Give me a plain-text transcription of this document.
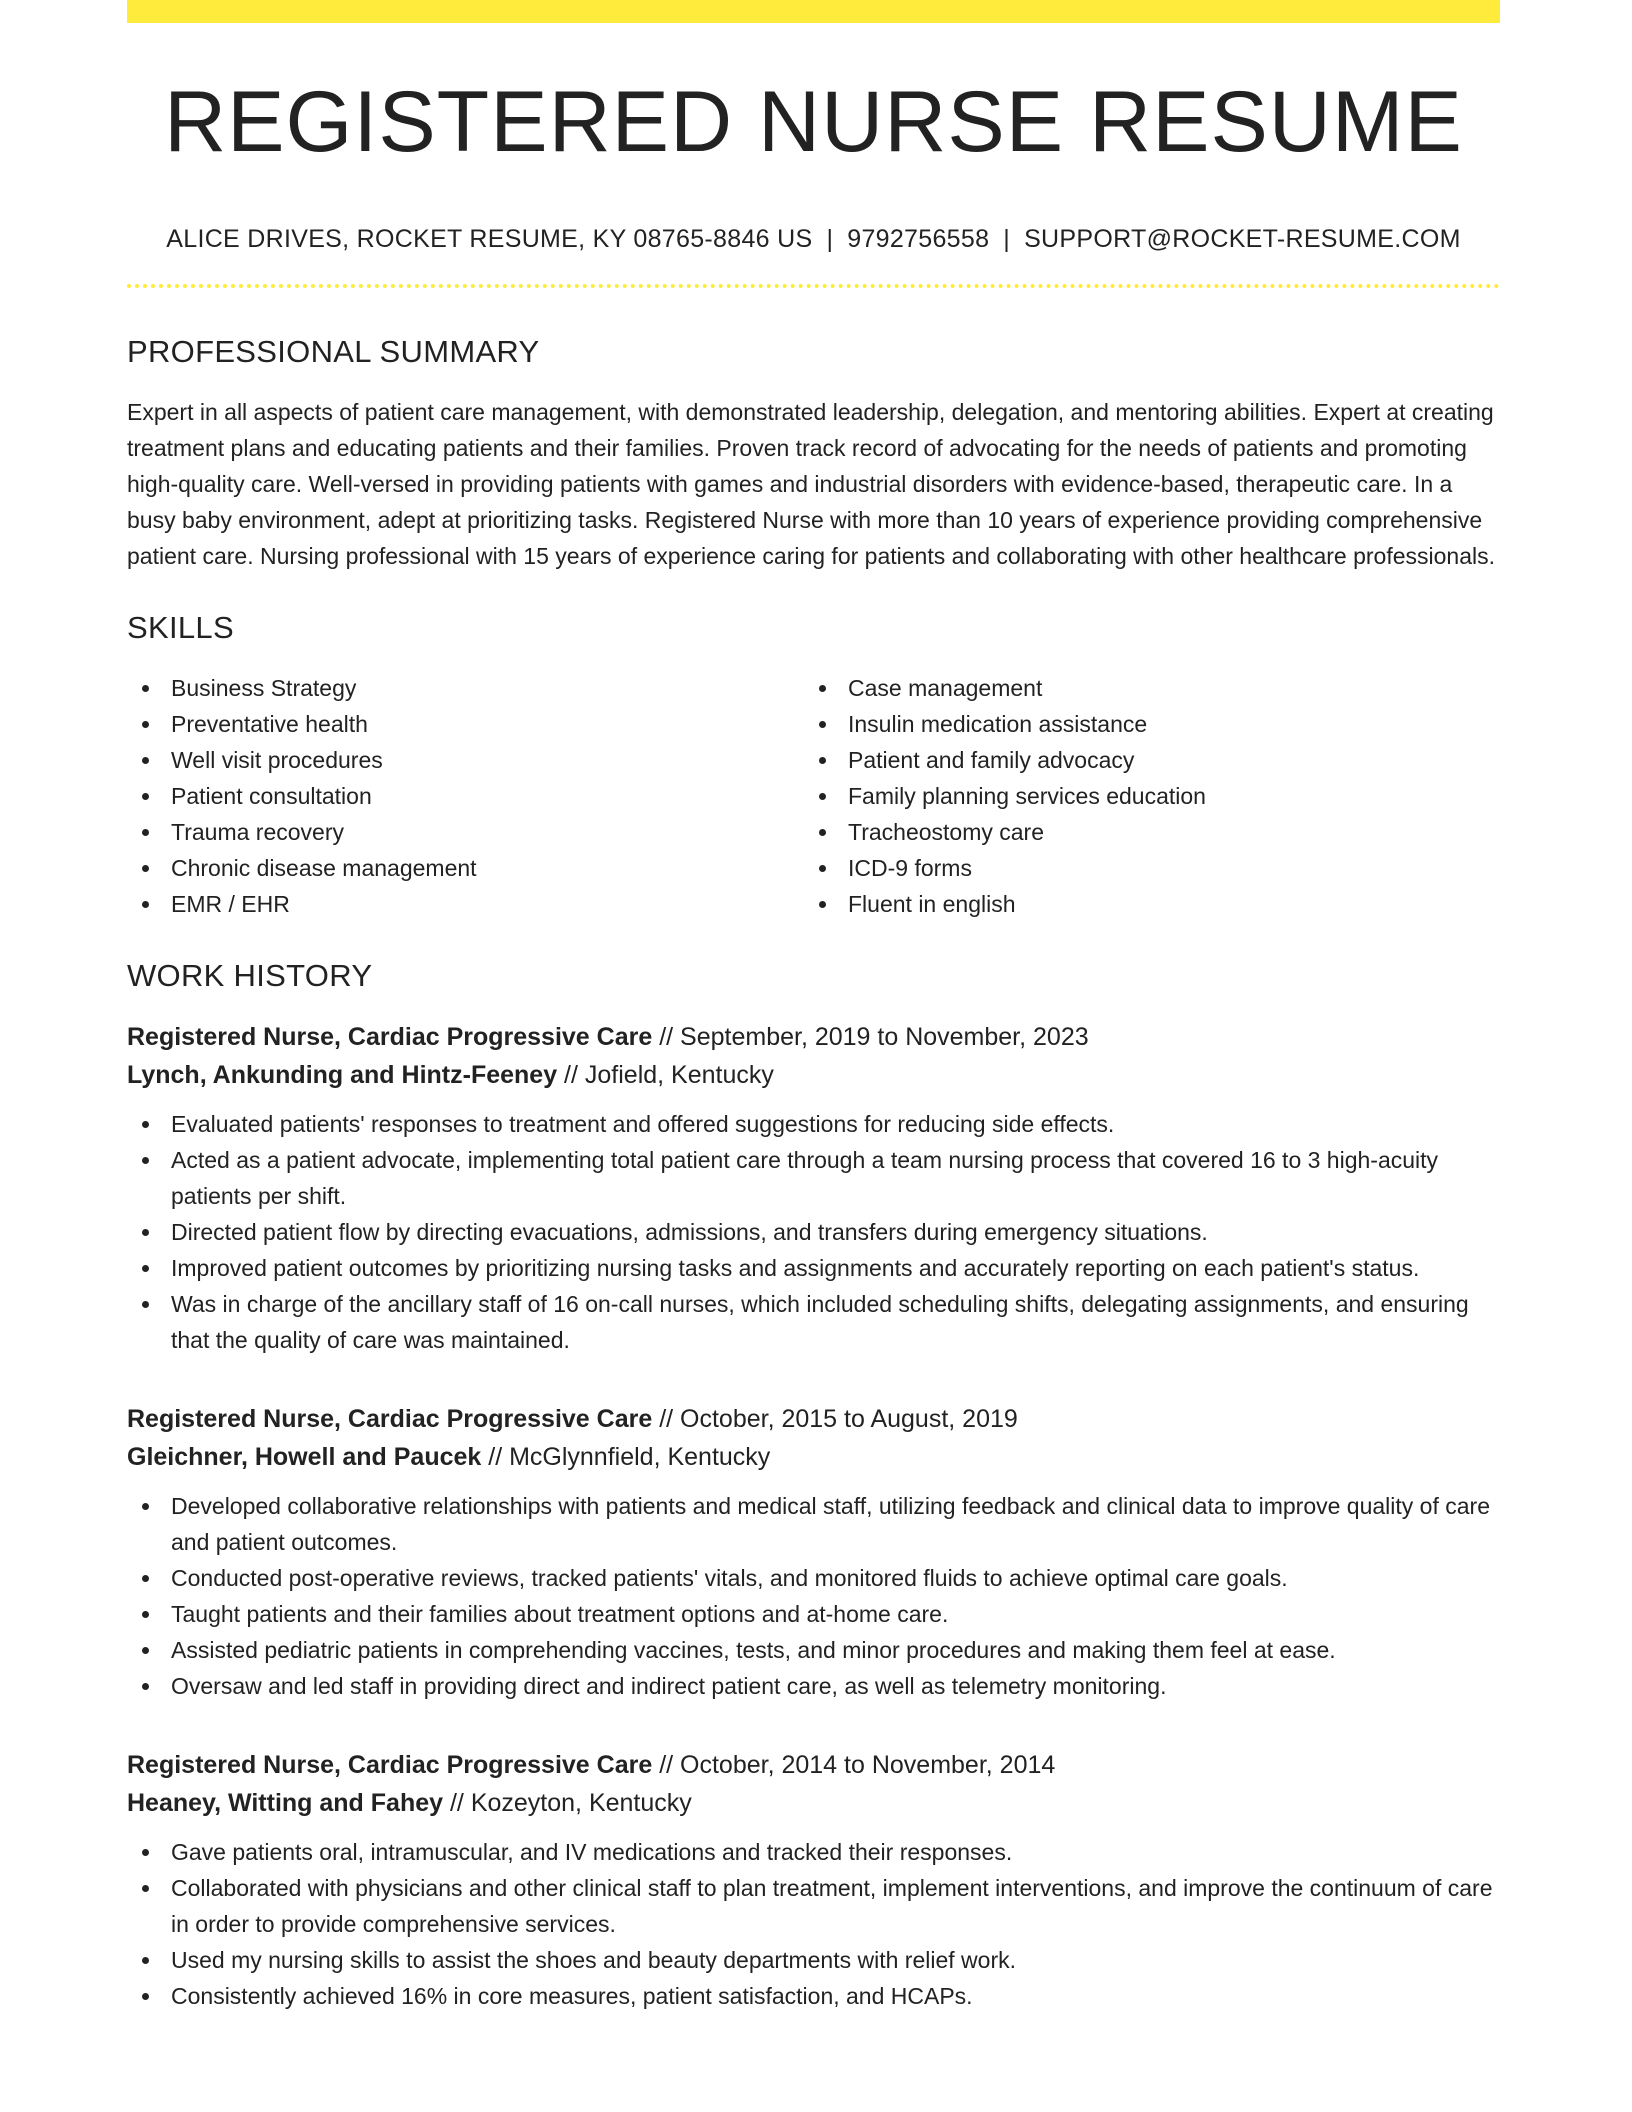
REGISTERED NURSE RESUME
ALICE DRIVES, ROCKET RESUME, KY 08765-8846 US | 9792756558 | SUPPORT@ROCKET-RESUME.COM
PROFESSIONAL SUMMARY
Expert in all aspects of patient care management, with demonstrated leadership, delegation, and mentoring abilities. Expert at creating treatment plans and educating patients and their families. Proven track record of advocating for the needs of patients and promoting high-quality care. Well-versed in providing patients with games and industrial disorders with evidence-based, therapeutic care. In a busy baby environment, adept at prioritizing tasks. Registered Nurse with more than 10 years of experience providing comprehensive patient care. Nursing professional with 15 years of experience caring for patients and collaborating with other healthcare professionals.
SKILLS
Business Strategy
Preventative health
Well visit procedures
Patient consultation
Trauma recovery
Chronic disease management
EMR / EHR
Case management
Insulin medication assistance
Patient and family advocacy
Family planning services education
Tracheostomy care
ICD-9 forms
Fluent in english
WORK HISTORY
Registered Nurse, Cardiac Progressive Care // September, 2019 to November, 2023
Lynch, Ankunding and Hintz-Feeney // Jofield, Kentucky
Evaluated patients' responses to treatment and offered suggestions for reducing side effects.
Acted as a patient advocate, implementing total patient care through a team nursing process that covered 16 to 3 high-acuity patients per shift.
Directed patient flow by directing evacuations, admissions, and transfers during emergency situations.
Improved patient outcomes by prioritizing nursing tasks and assignments and accurately reporting on each patient's status.
Was in charge of the ancillary staff of 16 on-call nurses, which included scheduling shifts, delegating assignments, and ensuring that the quality of care was maintained.
Registered Nurse, Cardiac Progressive Care // October, 2015 to August, 2019
Gleichner, Howell and Paucek // McGlynnfield, Kentucky
Developed collaborative relationships with patients and medical staff, utilizing feedback and clinical data to improve quality of care and patient outcomes.
Conducted post-operative reviews, tracked patients' vitals, and monitored fluids to achieve optimal care goals.
Taught patients and their families about treatment options and at-home care.
Assisted pediatric patients in comprehending vaccines, tests, and minor procedures and making them feel at ease.
Oversaw and led staff in providing direct and indirect patient care, as well as telemetry monitoring.
Registered Nurse, Cardiac Progressive Care // October, 2014 to November, 2014
Heaney, Witting and Fahey // Kozeyton, Kentucky
Gave patients oral, intramuscular, and IV medications and tracked their responses.
Collaborated with physicians and other clinical staff to plan treatment, implement interventions, and improve the continuum of care in order to provide comprehensive services.
Used my nursing skills to assist the shoes and beauty departments with relief work.
Consistently achieved 16% in core measures, patient satisfaction, and HCAPs.
